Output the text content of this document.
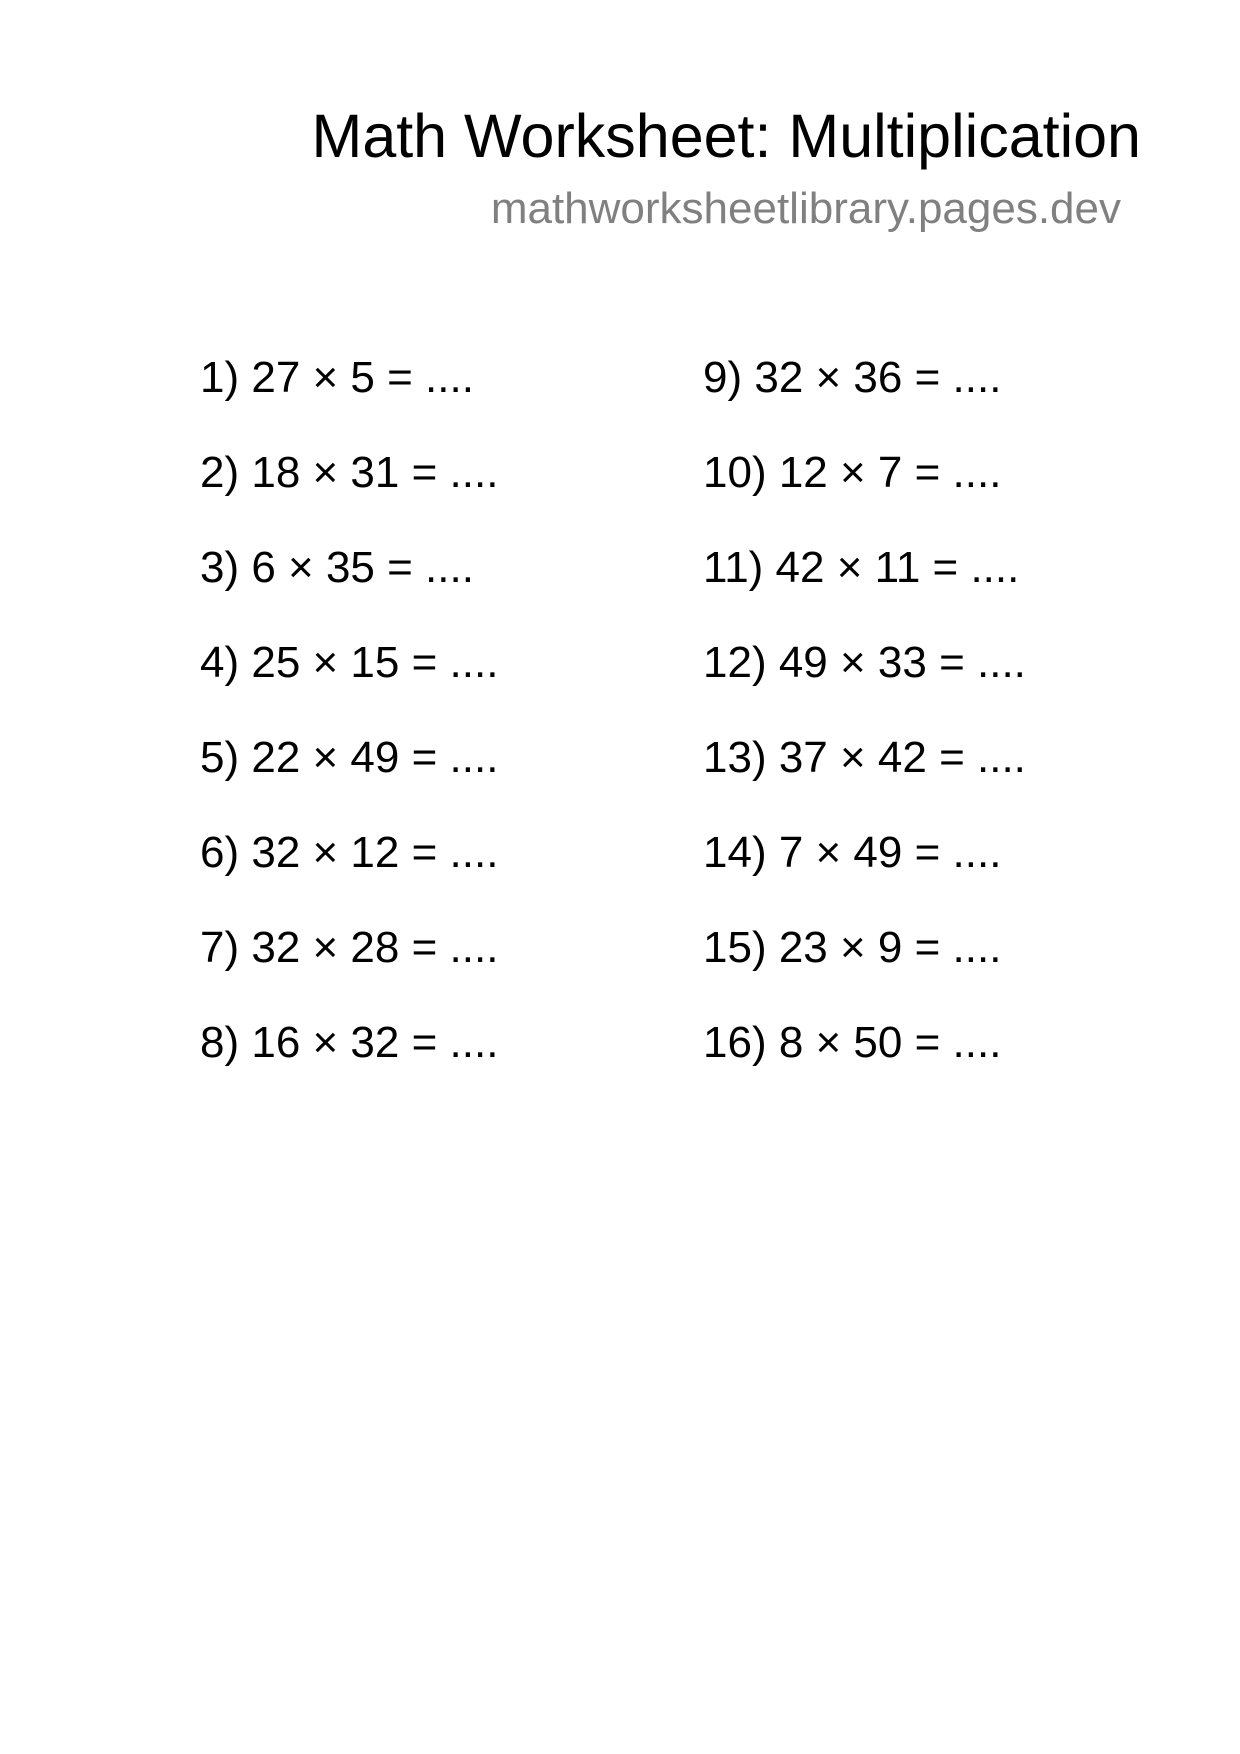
Math Worksheet: Multiplication
mathworksheetlibrary.pages.dev
1) 27 × 5 = ....
2) 18 × 31 = ....
3) 6 × 35 = ....
4) 25 × 15 = ....
5) 22 × 49 = ....
6) 32 × 12 = ....
7) 32 × 28 = ....
8) 16 × 32 = ....
9) 32 × 36 = ....
10) 12 × 7 = ....
11) 42 × 11 = ....
12) 49 × 33 = ....
13) 37 × 42 = ....
14) 7 × 49 = ....
15) 23 × 9 = ....
16) 8 × 50 = ....
